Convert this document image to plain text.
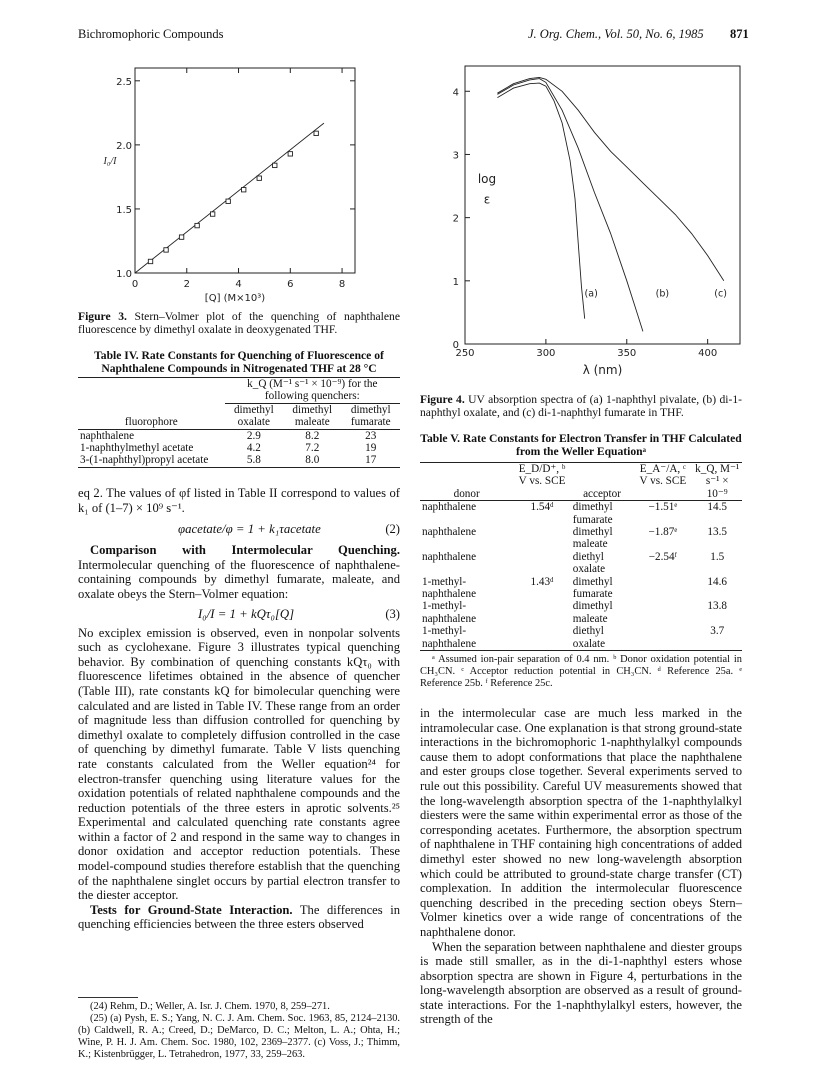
Bichromophoric Compounds	J. Org. Chem., Vol. 50, No. 6, 1985 871
0	2	4	6	8
1.0
1.5
2.0
2.5
I₀/I
[Q] (M×10³)
Figure 3. Stern–Volmer plot of the quenching of naphthalene fluorescence by dimethyl oxalate in deoxygenated THF.
Table IV. Rate Constants for Quenching of Fluorescence of Naphthalene Compounds in Nitrogenated THF at 28 °C
fluorophore	k_Q (M⁻¹ s⁻¹ × 10⁻⁹) for the following quenchers:		
	dimethyl oxalate	dimethyl maleate	dimethyl fumarate
naphthalene	2.9	8.2	23
1-naphthylmethyl acetate	4.2	7.2	19
3-(1-naphthyl)propyl acetate	5.8	8.0	17

eq 2. The values of φf listed in Table II correspond to values of k₁ of (1–7) × 10⁹ s⁻¹.

φacetate/φ = 1 + k₁τacetate	(2)

Comparison with Intermolecular Quenching. Intermolecular quenching of the fluorescence of naphthalene-containing compounds by dimethyl fumarate, maleate, and oxalate obeys the Stern–Volmer equation:

I₀/I = 1 + kQτ₀[Q]	(3)

No exciplex emission is observed, even in nonpolar solvents such as cyclohexane. Figure 3 illustrates typical quenching behavior. By combination of quenching constants kQτ₀ with fluorescence lifetimes obtained in the absence of quencher (Table III), rate constants kQ for bimolecular quenching were calculated and are listed in Table IV. These range from an order of magnitude less than diffusion controlled for quenching by dimethyl oxalate to completely diffusion controlled in the case of quenching by dimethyl fumarate. Table V lists quenching rate constants calculated from the Weller equation²⁴ for electron-transfer quenching using literature values for the oxidation potentials of related naphthalene compounds and the reduction potentials of the three esters in aprotic solvents.²⁵ Experimental and calculated quenching rate constants agree within a factor of 2 and respond in the same way to changes in donor oxidation and acceptor reduction potentials. These model-compound studies therefore establish that the quenching of the naphthalene singlet occurs by partial electron transfer to the diester acceptor.

Tests for Ground-State Interaction. The differences in quenching efficiencies between the three esters observed

(24) Rehm, D.; Weller, A. Isr. J. Chem. 1970, 8, 259–271.
(25) (a) Pysh, E. S.; Yang, N. C. J. Am. Chem. Soc. 1963, 85, 2124–2130. (b) Caldwell, R. A.; Creed, D.; DeMarco, D. C.; Melton, L. A.; Ohta, H.; Wine, P. H. J. Am. Chem. Soc. 1980, 102, 2369–2377. (c) Voss, J.; Thimm, K.; Kistenbrügger, L. Tetrahedron, 1977, 33, 259–263.
250	300	350	400
0
1
2
3
4
(a)	(b)	(c)
log
ε
λ (nm)
Figure 4. UV absorption spectra of (a) 1-naphthyl pivalate, (b) di-1-naphthyl oxalate, and (c) di-1-naphthyl fumarate in THF.
Table V. Rate Constants for Electron Transfer in THF Calculated from the Weller Equationᵃ
donor	E_D/D⁺, ᵇ V vs. SCE	acceptor	E_A⁻/A, ᶜ V vs. SCE	k_Q, M⁻¹ s⁻¹ × 10⁻⁹
naphthalene	1.54ᵈ	dimethyl fumarate	−1.51ᵉ	14.5
naphthalene		dimethyl maleate	−1.87ᵉ	13.5
naphthalene		diethyl oxalate	−2.54ᶠ	1.5
1-methyl-naphthalene	1.43ᵈ	dimethyl fumarate		14.6
1-methyl-naphthalene		dimethyl maleate		13.8
1-methyl-naphthalene		diethyl oxalate		3.7
ᵃ Assumed ion-pair separation of 0.4 nm. ᵇ Donor oxidation potential in CH₃CN. ᶜ Acceptor reduction potential in CH₃CN. ᵈ Reference 25a. ᵉ Reference 25b. ᶠ Reference 25c.

in the intermolecular case are much less marked in the intramolecular case. One explanation is that strong ground-state interactions in the bichromophoric 1-naphthylalkyl compounds cause them to adopt conformations that place the naphthalene and ester groups close together. Several experiments served to rule out this possibility. Careful UV measurements showed that the long-wavelength absorption spectra of the 1-naphthylalkyl diesters were the same within experimental error as those of the corresponding acetates. Furthermore, the absorption spectrum of naphthalene in THF containing high concentrations of added dimethyl ester showed no new long-wavelength absorption which could be attributed to ground-state charge transfer (CT) complexation. In addition the intermolecular fluorescence quenching described in the preceding section obeys Stern–Volmer kinetics over a wide range of concentrations of the naphthalene donor.

When the separation between naphthalene and diester groups is made still smaller, as in the di-1-naphthyl esters whose absorption spectra are shown in Figure 4, perturbations in the long-wavelength absorption are observed as a result of ground-state interactions. For the 1-naphthylalkyl esters, however, the strength of the
